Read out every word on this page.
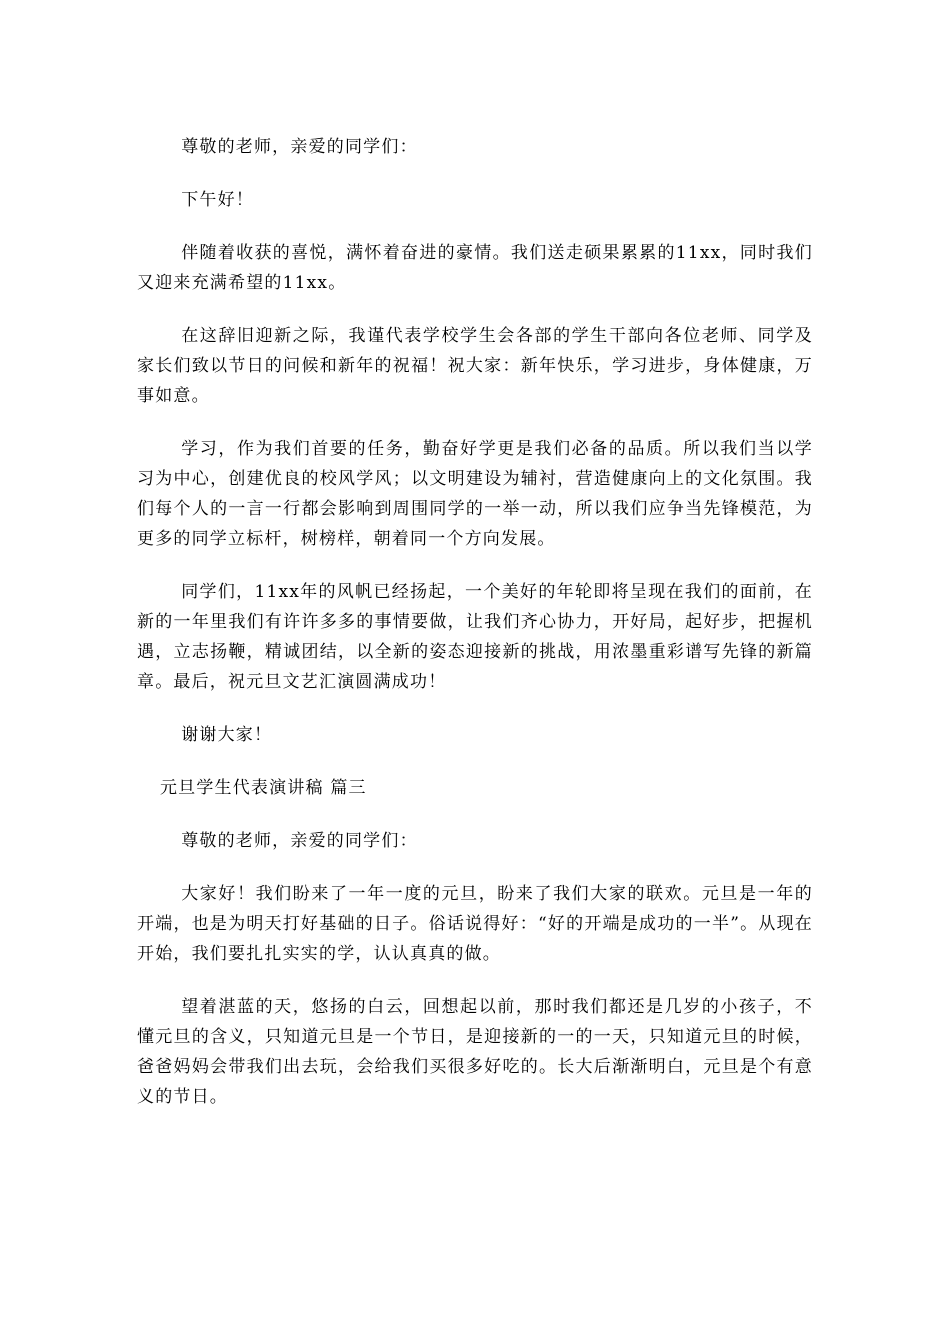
尊敬的老师，亲爱的同学们：

下午好！

伴随着收获的喜悦，满怀着奋进的豪情。我们送走硕果累累的11xx，同时我们又迎来充满希望的11xx。

在这辞旧迎新之际，我谨代表学校学生会各部的学生干部向各位老师、同学及家长们致以节日的问候和新年的祝福！祝大家：新年快乐，学习进步，身体健康，万事如意。

学习，作为我们首要的任务，勤奋好学更是我们必备的品质。所以我们当以学习为中心，创建优良的校风学风；以文明建设为辅衬，营造健康向上的文化氛围。我们每个人的一言一行都会影响到周围同学的一举一动，所以我们应争当先锋模范，为更多的同学立标杆，树榜样，朝着同一个方向发展。

同学们，11xx年的风帆已经扬起，一个美好的年轮即将呈现在我们的面前，在新的一年里我们有许许多多的事情要做，让我们齐心协力，开好局，起好步，把握机遇，立志扬鞭，精诚团结，以全新的姿态迎接新的挑战，用浓墨重彩谱写先锋的新篇章。最后，祝元旦文艺汇演圆满成功！

谢谢大家！

元旦学生代表演讲稿 篇三

尊敬的老师，亲爱的同学们：

大家好！我们盼来了一年一度的元旦，盼来了我们大家的联欢。元旦是一年的开端，也是为明天打好基础的日子。俗话说得好：“好的开端是成功的一半”。从现在开始，我们要扎扎实实的学，认认真真的做。

望着湛蓝的天，悠扬的白云，回想起以前，那时我们都还是几岁的小孩子，不懂元旦的含义，只知道元旦是一个节日，是迎接新的一的一天，只知道元旦的时候，爸爸妈妈会带我们出去玩，会给我们买很多好吃的。长大后渐渐明白，元旦是个有意义的节日。
